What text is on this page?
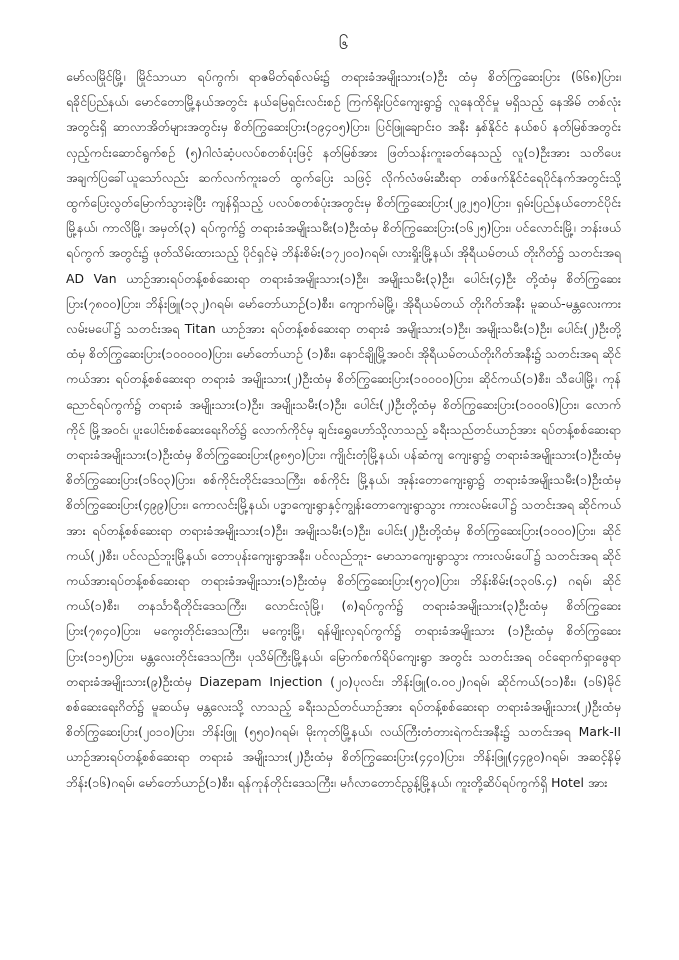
၆

မော်လမြိုင်မြို့၊ မြိုင်သာယာ ရပ်ကွက်၊ ရာဇမိတ်ရစ်လမ်း၌ တရားခံအမျိုးသား(၁)ဦး ထံမှ စိတ်ကြွဆေးပြား (၆၆၈)ပြား၊ ရခိုင်ပြည်နယ်၊ မောင်တောမြို့နယ်အတွင်း နယ်မြေရှင်းလင်းစဉ် ကြက်ရိုးပြင်ကျေးရွာ၌ လူနေထိုင်မှု မရှိသည့် နေအိမ် တစ်လုံးအတွင်းရှိ ဆာလာအိတ်များအတွင်းမှ စိတ်ကြွဆေးပြား(၁၉၄၀၅)ပြား၊ ပြင်ဖြူချောင်းဝ အနီး နှစ်နိုင်ငံ နယ်စပ် နတ်မြစ်အတွင်း လှည့်ကင်းဆောင်ရွက်စဉ် (၅)ဂါလံဆံ့ပလပ်စတစ်ပုံးဖြင့် နတ်မြစ်အား ဖြတ်သန်းကူးခတ်နေသည့် လူ(၁)ဦးအား သတိပေးအချက်ပြခေါ်ယူသော်လည်း ဆက်လက်ကူးခတ် ထွက်ပြေး သဖြင့် လိုက်လံဖမ်းဆီးရာ တစ်ဖက်နိုင်ငံရေပိုင်နက်အတွင်းသို့ ထွက်ပြေးလွတ်မြောက်သွားခဲ့ပြီး ကျန်ရှိသည့် ပလပ်စတစ်ပုံးအတွင်းမှ စိတ်ကြွဆေးပြား(၂၉၂၅၀)ပြား၊ ရှမ်းပြည်နယ်တောင်ပိုင်းမြို့နယ်၊ ကာလိမြို့၊ အမှတ်(၃) ရပ်ကွက်၌ တရားခံအမျိုးသမီး(၁)ဦးထံမှ စိတ်ကြွဆေးပြား(၁၆၂၅)ပြား၊ ပင်လောင်းမြို့၊ ဘန်းဖယ်ရပ်ကွက် အတွင်း၌ ဖုတ်သိမ်းထားသည့် ပိုင်ရှင်မဲ့ ဘိန်းစိမ်း(၁၇၂၀၀)ဂရမ်၊ လားရှိုးမြို့နယ်၊ အိုရီယမ်တယ် တိုးဂိတ်၌ သတင်းအရ AD Van ယာဉ်အားရပ်တန့်စစ်ဆေးရာ တရားခံအမျိုးသား(၁)ဦး၊ အမျိုးသမီး(၃)ဦး၊ ပေါင်း(၄)ဦး တို့ထံမှ စိတ်ကြွဆေးပြား(၇၈၀၀)ပြား၊ ဘိန်းဖြူ(၁၃၂)ဂရမ်၊ မော်တော်ယာဉ်(၁)စီး၊ ကျောက်မဲမြို့၊ အိုရီယမ်တယ် တိုးဂိတ်အနီး မူဆယ်-မန္တလေးကားလမ်းမပေါ်၌ သတင်းအရ Titan ယာဉ်အား ရပ်တန့်စစ်ဆေးရာ တရားခံ အမျိုးသား(၁)ဦး၊ အမျိုးသမီး(၁)ဦး၊ ပေါင်း(၂)ဦးတို့ထံမှ စိတ်ကြွဆေးပြား(၁၀၀၀၀၀)ပြား၊ မော်တော်ယာဉ် (၁)စီး၊ နောင်ချိုမြို့အဝင်၊ အိုရီယမ်တယ်တိုးဂိတ်အနီး၌ သတင်းအရ ဆိုင်ကယ်အား ရပ်တန့်စစ်ဆေးရာ တရားခံ အမျိုးသား(၂)ဦးထံမှ စိတ်ကြွဆေးပြား(၁၀၀၀၀)ပြား၊ ဆိုင်ကယ်(၁)စီး၊ သီပေါမြို့၊ ကုန်ညောင်ရပ်ကွက်၌ တရားခံ အမျိုးသား(၁)ဦး၊ အမျိုးသမီး(၁)ဦး၊ ပေါင်း(၂)ဦးတို့ထံမှ စိတ်ကြွဆေးပြား(၁၀၀၀၆)ပြား၊ လောက်ကိုင် မြို့အဝင်၊ ပူးပေါင်းစစ်ဆေးရေးဂိတ်၌ လောက်ကိုင်မှ ချင်းရွှေဟော်သို့လာသည့် ခရီးသည်တင်ယာဉ်အား ရပ်တန့်စစ်ဆေးရာ တရားခံအမျိုးသား(၁)ဦးထံမှ စိတ်ကြွဆေးပြား(၉၈၅၀)ပြား၊ ကျိုင်းတုံမြို့နယ်၊ ပန်ဆံကျ ကျေးရွာ၌ တရားခံအမျိုးသား(၁)ဦးထံမှ စိတ်ကြွဆေးပြား(၁၆၀၃)ပြား၊ စစ်ကိုင်းတိုင်းဒေသကြီး၊ စစ်ကိုင်း မြို့နယ်၊ အုန်းတောကျေးရွာ၌ တရားခံအမျိုးသမီး(၁)ဦးထံမှ စိတ်ကြွဆေးပြား(၄၉၉)ပြား၊ ကောလင်းမြို့နယ်၊ ပဒ္မာကျေးရွာနှင့်ကျွန်းတောကျေးရွာသွား ကားလမ်းပေါ်၌ သတင်းအရ ဆိုင်ကယ်အား ရပ်တန့်စစ်ဆေးရာ တရားခံအမျိုးသား(၁)ဦး၊ အမျိုးသမီး(၁)ဦး၊ ပေါင်း(၂)ဦးတို့ထံမှ စိတ်ကြွဆေးပြား(၁၀၀၀)ပြား၊ ဆိုင်ကယ်(၂)စီး၊ ပင်လည်ဘူးမြို့နယ်၊ တောပုန်းကျေးရွာအနီး၊ ပင်လည်ဘူး- မောသာကျေးရွာသွား ကားလမ်းပေါ်၌ သတင်းအရ ဆိုင်ကယ်အားရပ်တန့်စစ်ဆေးရာ တရားခံအမျိုးသား(၁)ဦးထံမှ စိတ်ကြွဆေးပြား(၅၇၀)ပြား၊ ဘိန်းစိမ်း(၁၃၀၆.၄) ဂရမ်၊ ဆိုင်ကယ်(၁)စီး၊ တနင်္သာရီတိုင်းဒေသကြီး၊ လောင်းလုံမြို့၊ (၈)ရပ်ကွက်၌ တရားခံအမျိုးသား(၃)ဦးထံမှ စိတ်ကြွဆေးပြား(၇၈၄၀)ပြား၊ မကွေးတိုင်းဒေသကြီး၊ မကွေးမြို့၊ ရန်မျိုးလှရပ်ကွက်၌ တရားခံအမျိုးသား (၁)ဦးထံမှ စိတ်ကြွဆေးပြား(၁၁၅)ပြား၊ မန္တလေးတိုင်းဒေသကြီး၊ ပုသိမ်ကြီးမြို့နယ်၊ မြောက်စက်ရိပ်ကျေးရွာ အတွင်း သတင်းအရ ဝင်ရောက်ရှာဖွေရာ တရားခံအမျိုးသား(၉)ဦးထံမှ Diazepam Injection (၂၀)ပုလင်း၊ ဘိန်းဖြူ(၀.၀၀၂)ဂရမ်၊ ဆိုင်ကယ်(၁၁)စီး၊ (၁၆)မိုင် စစ်ဆေးရေးဂိတ်၌ မူဆယ်မှ မန္တလေးသို့ လာသည့် ခရီးသည်တင်ယာဉ်အား ရပ်တန့်စစ်ဆေးရာ တရားခံအမျိုးသား(၂)ဦးထံမှ စိတ်ကြွဆေးပြား(၂၀၁၀)ပြား၊ ဘိန်းဖြူ (၅၅၀)ဂရမ်၊ မိုးကုတ်မြို့နယ်၊ လယ်ကြီးတံတားရဲကင်းအနီး၌ သတင်းအရ Mark-II ယာဉ်အားရပ်တန့်စစ်ဆေးရာ တရားခံ အမျိုးသား(၂)ဦးထံမှ စိတ်ကြွဆေးပြား(၄၄၀)ပြား၊ ဘိန်းဖြူ(၄၄၉၀)ဂရမ်၊ အဆင့်နိမ့်ဘိန်း(၁၆)ဂရမ်၊ မော်တော်ယာဉ်(၁)စီး၊ ရန်ကုန်တိုင်းဒေသကြီး၊ မင်္ဂလာတောင်ညွန့်မြို့နယ်၊ ကူးတို့ဆိပ်ရပ်ကွက်ရှိ Hotel အား
